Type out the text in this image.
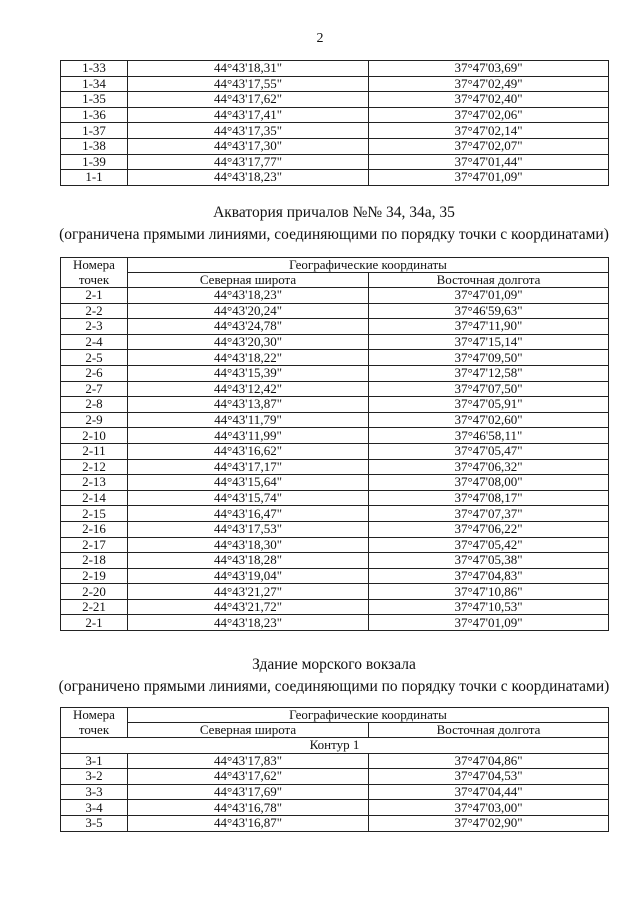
2
1-33	44°43'18,31"	37°47'03,69"
1-34	44°43'17,55"	37°47'02,49"
1-35	44°43'17,62"	37°47'02,40"
1-36	44°43'17,41"	37°47'02,06"
1-37	44°43'17,35"	37°47'02,14"
1-38	44°43'17,30"	37°47'02,07"
1-39	44°43'17,77"	37°47'01,44"
1-1	44°43'18,23"	37°47'01,09"
Акватория причалов №№ 34, 34а, 35
(ограничена прямыми линиями, соединяющими по порядку точки с координатами)
Номера	Географические координаты	
точек	Северная широта	Восточная долгота
2-1	44°43'18,23"	37°47'01,09"
2-2	44°43'20,24"	37°46'59,63"
2-3	44°43'24,78"	37°47'11,90"
2-4	44°43'20,30"	37°47'15,14"
2-5	44°43'18,22"	37°47'09,50"
2-6	44°43'15,39"	37°47'12,58"
2-7	44°43'12,42"	37°47'07,50"
2-8	44°43'13,87"	37°47'05,91"
2-9	44°43'11,79"	37°47'02,60"
2-10	44°43'11,99"	37°46'58,11"
2-11	44°43'16,62"	37°47'05,47"
2-12	44°43'17,17"	37°47'06,32"
2-13	44°43'15,64"	37°47'08,00"
2-14	44°43'15,74"	37°47'08,17"
2-15	44°43'16,47"	37°47'07,37"
2-16	44°43'17,53"	37°47'06,22"
2-17	44°43'18,30"	37°47'05,42"
2-18	44°43'18,28"	37°47'05,38"
2-19	44°43'19,04"	37°47'04,83"
2-20	44°43'21,27"	37°47'10,86"
2-21	44°43'21,72"	37°47'10,53"
2-1	44°43'18,23"	37°47'01,09"
Здание морского вокзала
(ограничено прямыми линиями, соединяющими по порядку точки с координатами)
Номера	Географические координаты	
точек	Северная широта	Восточная долгота
Контур 1		
3-1	44°43'17,83"	37°47'04,86"
3-2	44°43'17,62"	37°47'04,53"
3-3	44°43'17,69"	37°47'04,44"
3-4	44°43'16,78"	37°47'03,00"
3-5	44°43'16,87"	37°47'02,90"
